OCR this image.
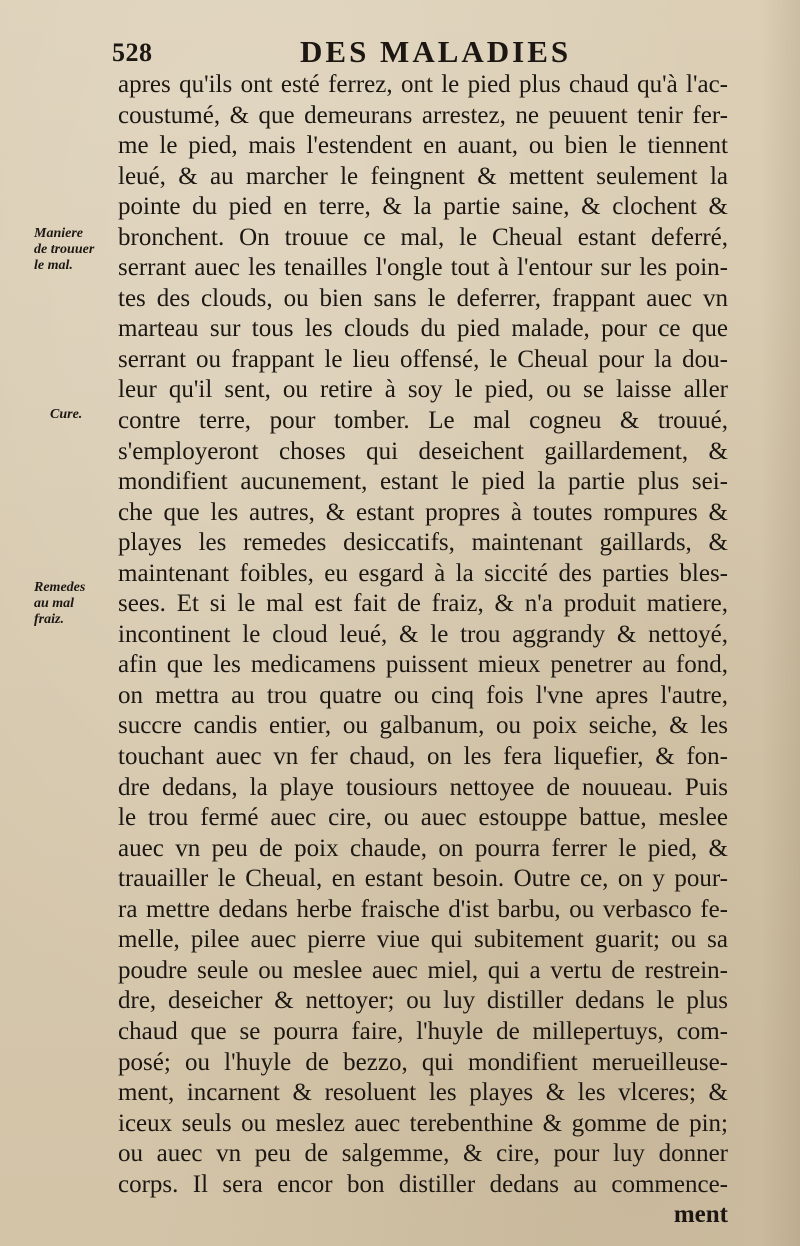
528	DES MALADIES
Maniere
de trouuer
le mal.
Cure.
Remedes
au mal
fraiz.
apres qu'ils ont esté ferrez, ont le pied plus chaud qu'à l'ac-
coustumé, & que demeurans arrestez, ne peuuent tenir fer-
me le pied, mais l'estendent en auant, ou bien le tiennent
leué, & au marcher le feingnent & mettent seulement la
pointe du pied en terre, & la partie saine, & clochent &
bronchent. On trouue ce mal, le Cheual estant deferré,
serrant auec les tenailles l'ongle tout à l'entour sur les poin-
tes des clouds, ou bien sans le deferrer, frappant auec vn
marteau sur tous les clouds du pied malade, pour ce que
serrant ou frappant le lieu offensé, le Cheual pour la dou-
leur qu'il sent, ou retire à soy le pied, ou se laisse aller
contre terre, pour tomber. Le mal cogneu & trouué,
s'employeront choses qui deseichent gaillardement, &
mondifient aucunement, estant le pied la partie plus sei-
che que les autres, & estant propres à toutes rompures &
playes les remedes desiccatifs, maintenant gaillards, &
maintenant foibles, eu esgard à la siccité des parties bles-
sees. Et si le mal est fait de fraiz, & n'a produit matiere,
incontinent le cloud leué, & le trou aggrandy & nettoyé,
afin que les medicamens puissent mieux penetrer au fond,
on mettra au trou quatre ou cinq fois l'vne apres l'autre,
succre candis entier, ou galbanum, ou poix seiche, & les
touchant auec vn fer chaud, on les fera liquefier, & fon-
dre dedans, la playe tousiours nettoyee de nouueau. Puis
le trou fermé auec cire, ou auec estouppe battue, meslee
auec vn peu de poix chaude, on pourra ferrer le pied, &
trauailler le Cheual, en estant besoin. Outre ce, on y pour-
ra mettre dedans herbe fraische d'ist barbu, ou verbasco fe-
melle, pilee auec pierre viue qui subitement guarit; ou sa
poudre seule ou meslee auec miel, qui a vertu de restrein-
dre, deseicher & nettoyer; ou luy distiller dedans le plus
chaud que se pourra faire, l'huyle de millepertuys, com-
posé; ou l'huyle de bezzo, qui mondifient merueilleuse-
ment, incarnent & resoluent les playes & les vlceres; &
iceux seuls ou meslez auec terebenthine & gomme de pin;
ou auec vn peu de salgemme, & cire, pour luy donner
corps. Il sera encor bon distiller dedans au commence-
ment
